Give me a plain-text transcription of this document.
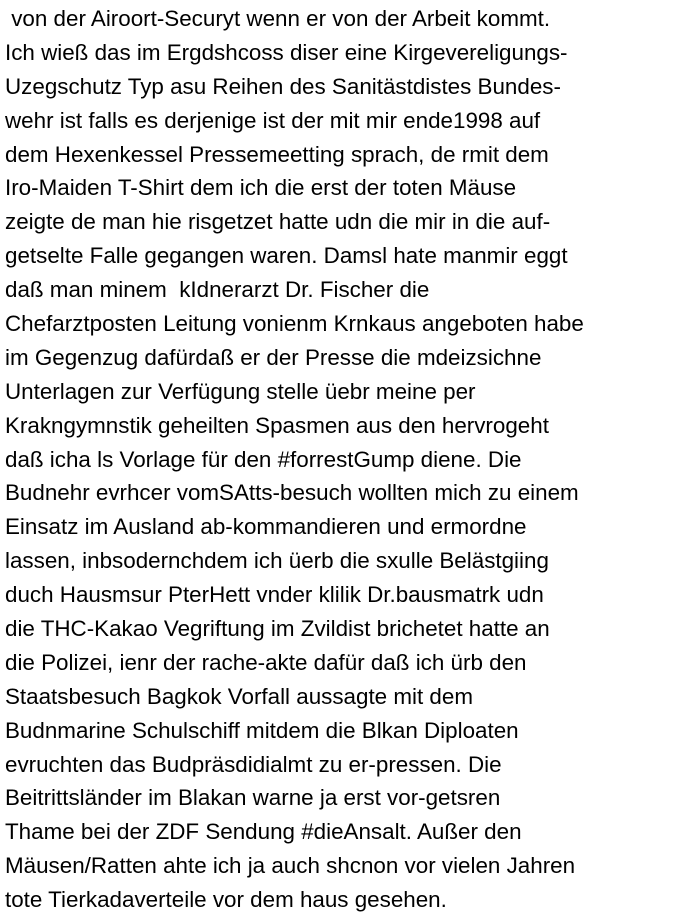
von der Airoort-Securyt wenn er von der Arbeit kommt.
Ich wieß das im Ergdshcoss diser eine Kirgevereligungs-
Uzegschutz Typ asu Reihen des Sanitästdistes Bundes-
wehr ist falls es derjenige ist der mit mir ende1998 auf
dem Hexenkessel Pressemeetting sprach, de rmit dem
Iro-Maiden T-Shirt dem ich die erst der toten Mäuse
zeigte de man hie risgetzet hatte udn die mir in die auf-
getselte Falle gegangen waren. Damsl hate manmir eggt
daß man minem  kIdnerarzt Dr. Fischer die
Chefarztposten Leitung vonienm Krnkaus angeboten habe
im Gegenzug dafürdaß er der Presse die mdeizsichne
Unterlagen zur Verfügung stelle üebr meine per
Krakngymnstik geheilten Spasmen aus den hervrogeht
daß icha ls Vorlage für den #forrestGump diene. Die
Budnehr evrhcer vomSAtts-besuch wollten mich zu einem
Einsatz im Ausland ab-kommandieren und ermordne
lassen, inbsodernchdem ich üerb die sxulle Belästgiing
duch Hausmsur PterHett vnder klilik Dr.bausmatrk udn
die THC-Kakao Vegriftung im Zvildist brichetet hatte an
die Polizei, ienr der rache-akte dafür daß ich ürb den
Staatsbesuch Bagkok Vorfall aussagte mit dem
Budnmarine Schulschiff mitdem die Blkan Diploaten
evruchten das Budpräsdidialmt zu er-pressen. Die
Beitrittsländer im Blakan warne ja erst vor-getsren
Thame bei der ZDF Sendung #dieAnsalt. Außer den
Mäusen/Ratten ahte ich ja auch shcnon vor vielen Jahren
tote Tierkadaverteile vor dem haus gesehen.
